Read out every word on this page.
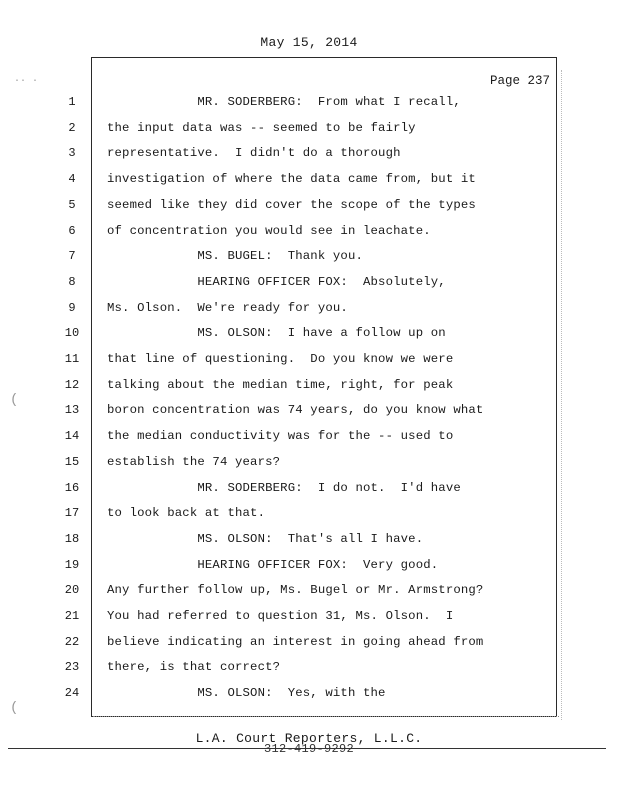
May 15, 2014
Page 237
1	MR. SODERBERG:  From what I recall,
2	the input data was -- seemed to be fairly
3	representative.  I didn't do a thorough
4	investigation of where the data came from, but it
5	seemed like they did cover the scope of the types
6	of concentration you would see in leachate.
7	MS. BUGEL:  Thank you.
8	HEARING OFFICER FOX:  Absolutely,
9	Ms. Olson.  We're ready for you.
10	MS. OLSON:  I have a follow up on
11	that line of questioning.  Do you know we were
12	talking about the median time, right, for peak
13	boron concentration was 74 years, do you know what
14	the median conductivity was for the -- used to
15	establish the 74 years?
16	MR. SODERBERG:  I do not.  I'd have
17	to look back at that.
18	MS. OLSON:  That's all I have.
19	HEARING OFFICER FOX:  Very good.
20	Any further follow up, Ms. Bugel or Mr. Armstrong?
21	You had referred to question 31, Ms. Olson.  I
22	believe indicating an interest in going ahead from
23	there, is that correct?
24	MS. OLSON:  Yes, with the
L.A. Court Reporters, L.L.C.
312-419-9292
·· ·
(
(
